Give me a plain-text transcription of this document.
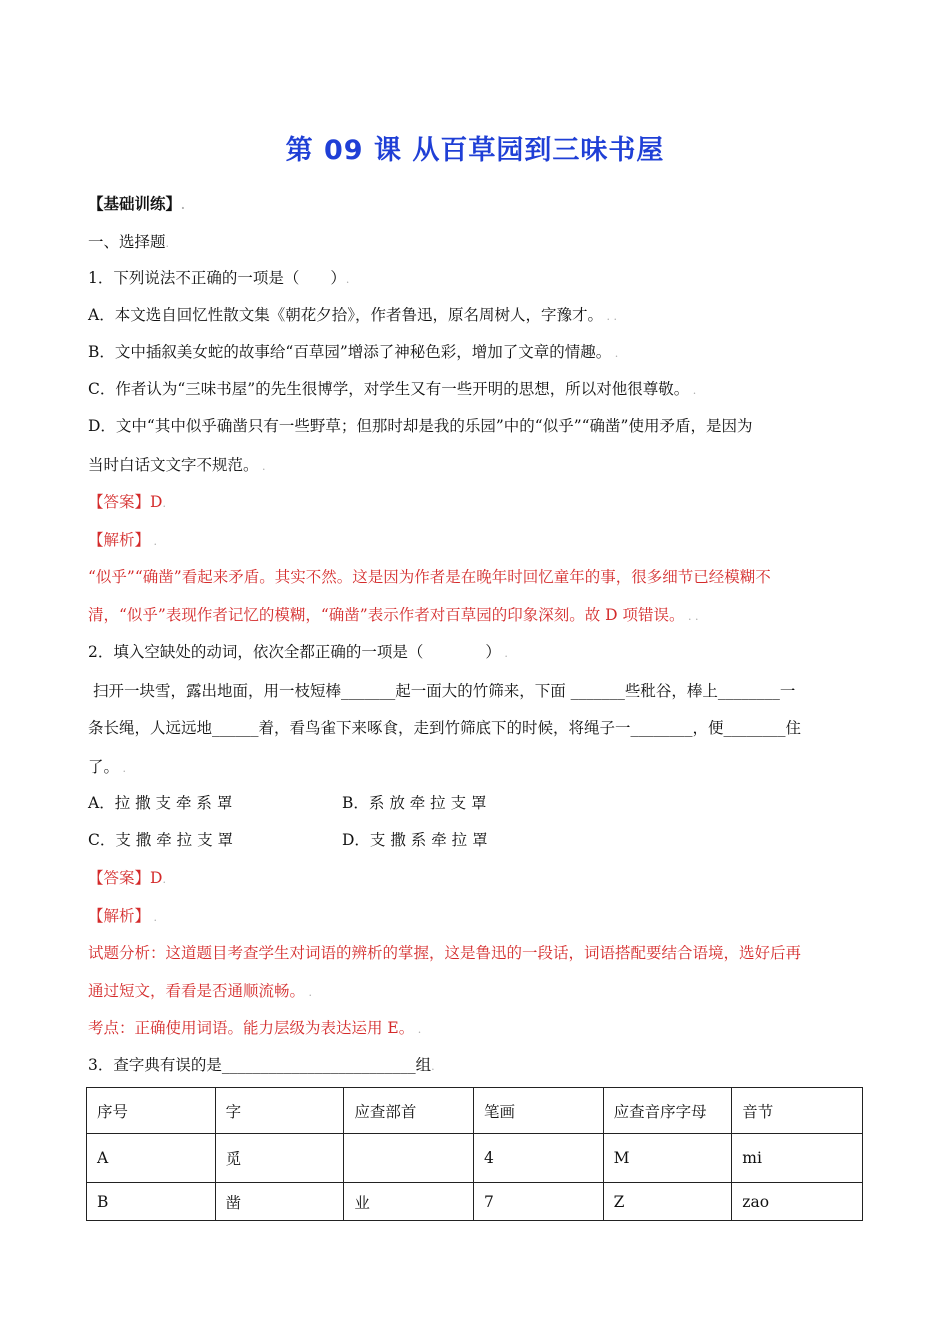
第 09 课 从百草园到三味书屋
【基础训练】.
一、选择题.
1．下列说法不正确的一项是（　　）.
A．本文选自回忆性散文集《朝花夕拾》，作者鲁迅，原名周树人，字豫才。 . .
B．文中插叙美女蛇的故事给“百草园”增添了神秘色彩，增加了文章的情趣。 .
C．作者认为“三味书屋”的先生很博学，对学生又有一些开明的思想，所以对他很尊敬。 .
D．文中“其中似乎确凿只有一些野草；但那时却是我的乐园”中的“似乎”“确凿”使用矛盾，是因为
当时白话文文字不规范。 .
【答案】D.
【解析】 .
“似乎”“确凿”看起来矛盾。其实不然。这是因为作者是在晚年时回忆童年的事，很多细节已经模糊不
清，“似乎”表现作者记忆的模糊，“确凿”表示作者对百草园的印象深刻。故 D 项错误。 . .
2．填入空缺处的动词，依次全都正确的一项是（　　　　） .
扫开一块雪，露出地面，用一枝短棒_______起一面大的竹筛来，下面 _______些秕谷，棒上________一
条长绳，人远远地______着，看鸟雀下来啄食，走到竹筛底下的时候，将绳子一________，便________住
了。 .
A．拉 撒 支 牵 系 罩	B．系 放 牵 拉 支 罩
C．支 撒 牵 拉 支 罩	D．支 撒 系 牵 拉 罩
【答案】D.
【解析】 .
试题分析：这道题目考查学生对词语的辨析的掌握，这是鲁迅的一段话，词语搭配要结合语境，选好后再
通过短文，看看是否通顺流畅。 .
考点：正确使用词语。能力层级为表达运用 E。 .
3．查字典有误的是_________________________组.
序号	字	应查部首	笔画	应查音序字母	音节
A	觅		4	M	mi
B	凿	业	7	Z	zao
